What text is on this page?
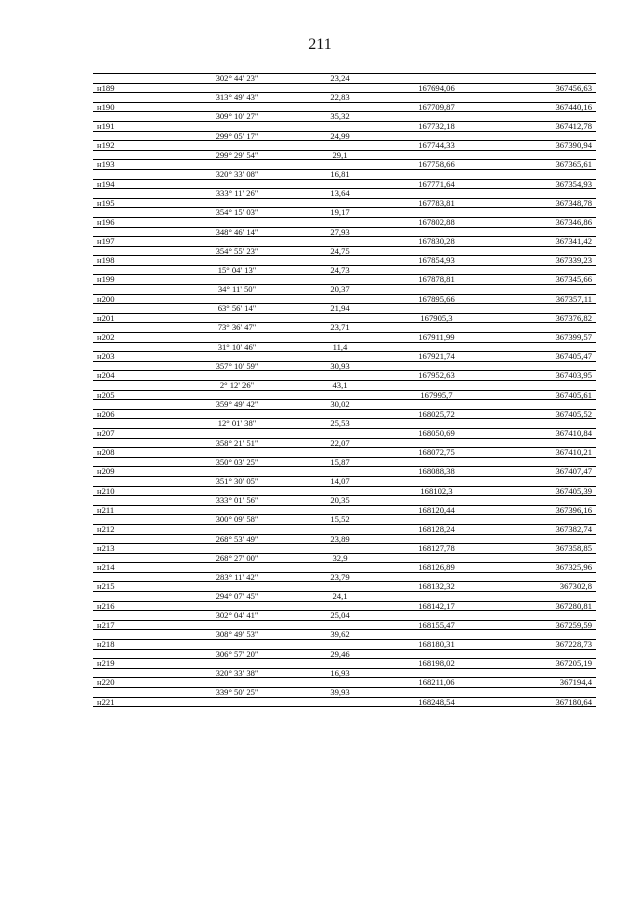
211
	302° 44' 23"	23,24		
н189			167694,06	367456,63
	313° 49' 43"	22,83		
н190			167709,87	367440,16
	309° 10' 27"	35,32		
н191			167732,18	367412,78
	299° 05' 17"	24,99		
н192			167744,33	367390,94
	299° 29' 54"	29,1		
н193			167758,66	367365,61
	320° 33' 08"	16,81		
н194			167771,64	367354,93
	333° 11' 26"	13,64		
н195			167783,81	367348,78
	354° 15' 03"	19,17		
н196			167802,88	367346,86
	348° 46' 14"	27,93		
н197			167830,28	367341,42
	354° 55' 23"	24,75		
н198			167854,93	367339,23
	15° 04' 13"	24,73		
н199			167878,81	367345,66
	34° 11' 50"	20,37		
н200			167895,66	367357,11
	63° 56' 14"	21,94		
н201			167905,3	367376,82
	73° 36' 47"	23,71		
н202			167911,99	367399,57
	31° 10' 46"	11,4		
н203			167921,74	367405,47
	357° 10' 59"	30,93		
н204			167952,63	367403,95
	2° 12' 26"	43,1		
н205			167995,7	367405,61
	359° 49' 42"	30,02		
н206			168025,72	367405,52
	12° 01' 38"	25,53		
н207			168050,69	367410,84
	358° 21' 51"	22,07		
н208			168072,75	367410,21
	350° 03' 25"	15,87		
н209			168088,38	367407,47
	351° 30' 05"	14,07		
н210			168102,3	367405,39
	333° 01' 56"	20,35		
н211			168120,44	367396,16
	300° 09' 58"	15,52		
н212			168128,24	367382,74
	268° 53' 49"	23,89		
н213			168127,78	367358,85
	268° 27' 00"	32,9		
н214			168126,89	367325,96
	283° 11' 42"	23,79		
н215			168132,32	367302,8
	294° 07' 45"	24,1		
н216			168142,17	367280,81
	302° 04' 41"	25,04		
н217			168155,47	367259,59
	308° 49' 53"	39,62		
н218			168180,31	367228,73
	306° 57' 20"	29,46		
н219			168198,02	367205,19
	320° 33' 38"	16,93		
н220			168211,06	367194,4
	339° 50' 25"	39,93		
н221			168248,54	367180,64
